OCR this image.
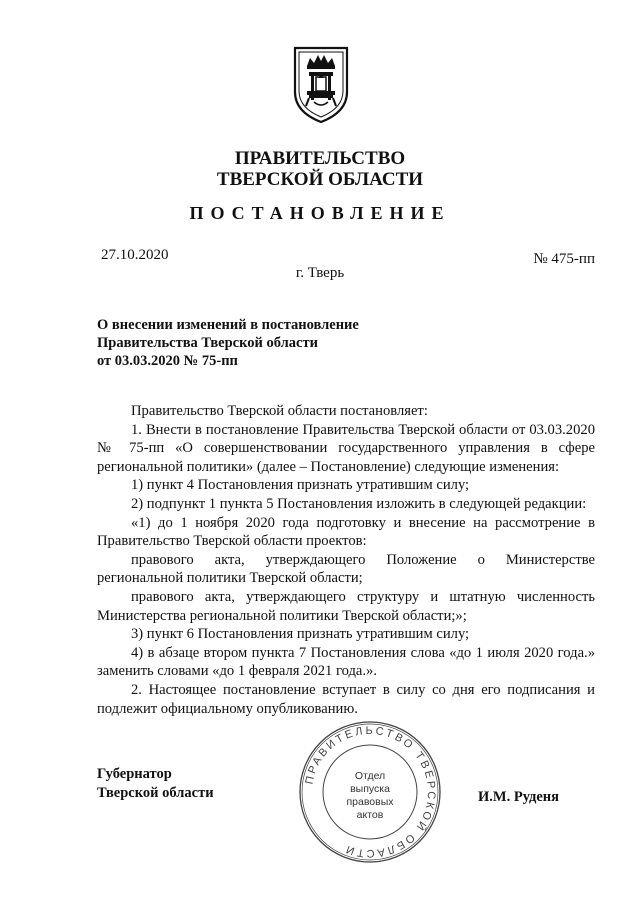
ПРАВИТЕЛЬСТВО
ТВЕРСКОЙ ОБЛАСТИ
ПОСТАНОВЛЕНИЕ
27.10.2020	№ 475-пп
г. Тверь
О внесении изменений в постановление
Правительства Тверской области
от 03.03.2020 № 75-пп

Правительство Тверской области постановляет:

1. Внести в постановление Правительства Тверской области от 03.03.2020 № 75-пп «О совершенствовании государственного управления в сфере региональной политики» (далее – Постановление) следующие изменения:

1) пункт 4 Постановления признать утратившим силу;

2) подпункт 1 пункта 5 Постановления изложить в следующей редакции:

«1) до 1 ноября 2020 года подготовку и внесение на рассмотрение в Правительство Тверской области проектов:

правового акта, утверждающего Положение о Министерстве региональной политики Тверской области;

правового акта, утверждающего структуру и штатную численность Министерства региональной политики Тверской области;»;

3) пункт 6 Постановления признать утратившим силу;

4) в абзаце втором пункта 7 Постановления слова «до 1 июля 2020 года.» заменить словами «до 1 февраля 2021 года.».

2. Настоящее постановление вступает в силу со дня его подписания и подлежит официальному опубликованию.

Губернатор
Тверской области
ПРАВИТЕЛЬСТВО ТВЕРСКОЙ ОБЛАСТИ
Отдел
выпуска
правовых
актов
И.М. Руденя
